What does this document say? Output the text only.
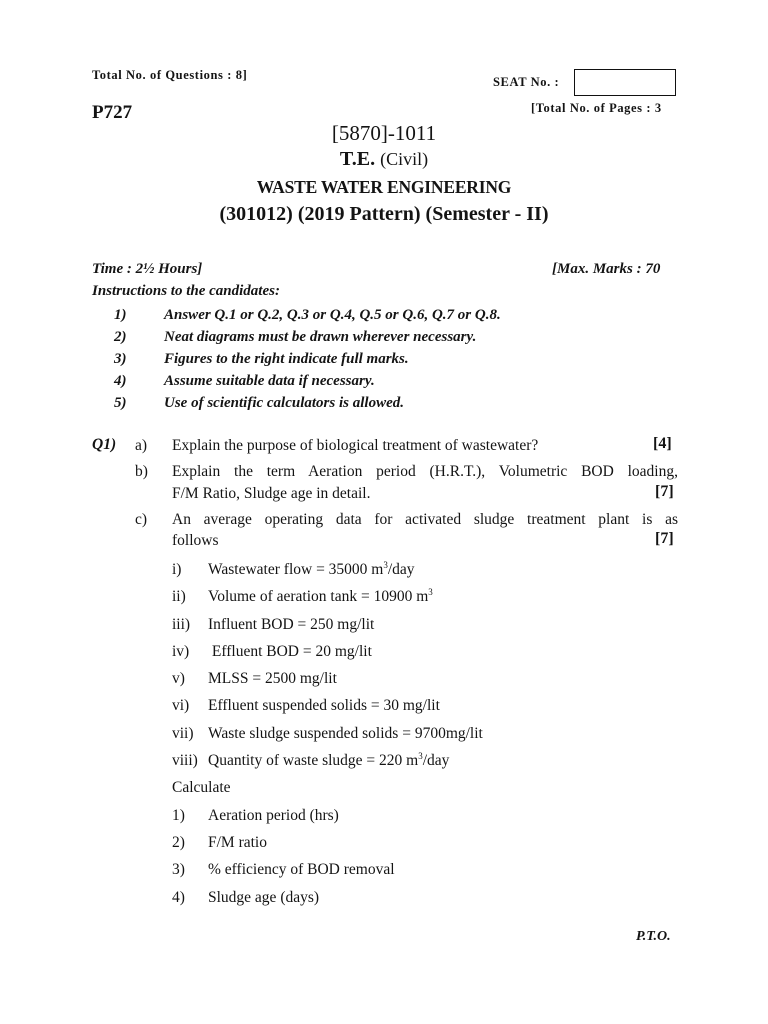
Total No. of Questions : 8]	SEAT No. :
P727	[Total No. of Pages : 3
[5870]-1011
T.E. (Civil)
WASTE WATER ENGINEERING
(301012) (2019 Pattern) (Semester - II)
Time : 2½ Hours]	[Max. Marks : 70
Instructions to the candidates:
1)	Answer Q.1 or Q.2, Q.3 or Q.4, Q.5 or Q.6, Q.7 or Q.8.
2)	Neat diagrams must be drawn wherever necessary.
3)	Figures to the right indicate full marks.
4)	Assume suitable data if necessary.
5)	Use of scientific calculators is allowed.
Q1) a) Explain the purpose of biological treatment of wastewater?	[4]
b) Explain the term Aeration period (H.R.T.), Volumetric BOD loading,
F/M Ratio, Sludge age in detail.	[7]
c) An average operating data for activated sludge treatment plant is as
follows	[7]
i) Wastewater flow = 35000 $m^3$/day
ii) Volume of aeration tank = 10900 $m^3$
iii) Influent BOD = 250 mg/lit
iv) Effluent BOD = 20 mg/lit
v) MLSS = 2500 mg/lit
vi) Effluent suspended solids = 30 mg/lit
vii) Waste sludge suspended solids = 9700mg/lit
viii) Quantity of waste sludge = 220 $m^3$/day
Calculate
1) Aeration period (hrs)
2) F/M ratio
3) % efficiency of BOD removal
4) Sludge age (days)
P.T.O.
